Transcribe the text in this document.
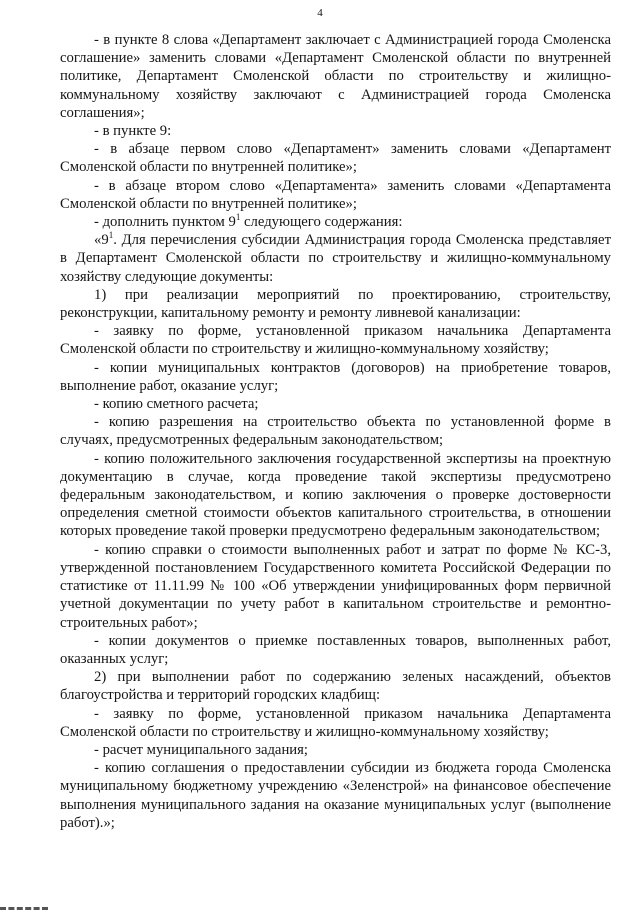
4

- в пункте 8 слова «Департамент заключает с Администрацией города Смоленска соглашение» заменить словами «Департамент Смоленской области по внутренней политике, Департамент Смоленской области по строительству и жилищно-коммунальному хозяйству заключают с Администрацией города Смоленска соглашения»;

- в пункте 9:

- в абзаце первом слово «Департамент» заменить словами «Департамент Смоленской области по внутренней политике»;

- в абзаце втором слово «Департамента» заменить словами «Департамента Смоленской области по внутренней политике»;

- дополнить пунктом $9^1$ следующего содержания:

«$9^1$. Для перечисления субсидии Администрация города Смоленска представляет в Департамент Смоленской области по строительству и жилищно-коммунальному хозяйству следующие документы:

1) при реализации мероприятий по проектированию, строительству, реконструкции, капитальному ремонту и ремонту ливневой канализации:

- заявку по форме, установленной приказом начальника Департамента Смоленской области по строительству и жилищно-коммунальному хозяйству;

- копии муниципальных контрактов (договоров) на приобретение товаров, выполнение работ, оказание услуг;

- копию сметного расчета;

- копию разрешения на строительство объекта по установленной форме в случаях, предусмотренных федеральным законодательством;

- копию положительного заключения государственной экспертизы на проектную документацию в случае, когда проведение такой экспертизы предусмотрено федеральным законодательством, и копию заключения о проверке достоверности определения сметной стоимости объектов капитального строительства, в отношении которых проведение такой проверки предусмотрено федеральным законодательством;

- копию справки о стоимости выполненных работ и затрат по форме № КС-3, утвержденной постановлением Государственного комитета Российской Федерации по статистике от 11.11.99 № 100 «Об утверждении унифицированных форм первичной учетной документации по учету работ в капитальном строительстве и ремонтно-строительных работ»;

- копии документов о приемке поставленных товаров, выполненных работ, оказанных услуг;

2) при выполнении работ по содержанию зеленых насаждений, объектов благоустройства и территорий городских кладбищ:

- заявку по форме, установленной приказом начальника Департамента Смоленской области по строительству и жилищно-коммунальному хозяйству;

- расчет муниципального задания;

- копию соглашения о предоставлении субсидии из бюджета города Смоленска муниципальному бюджетному учреждению «Зеленстрой» на финансовое обеспечение выполнения муниципального задания на оказание муниципальных услуг (выполнение работ).»;
